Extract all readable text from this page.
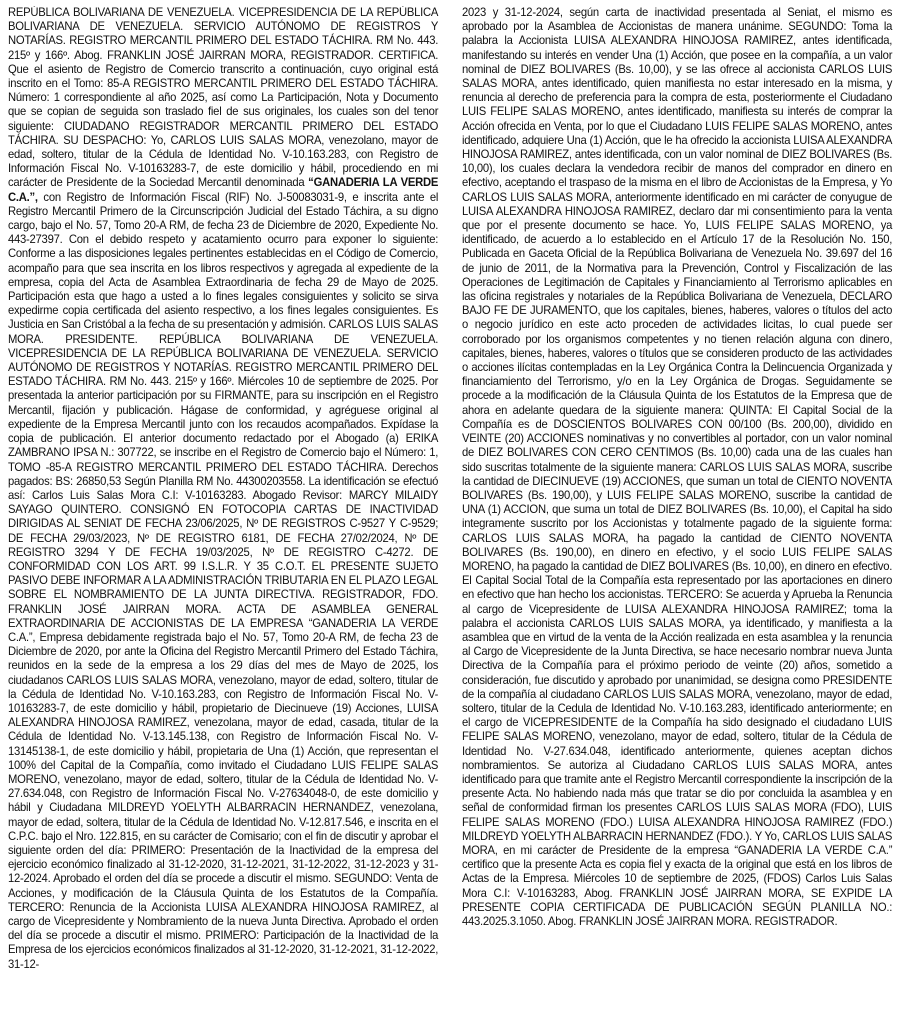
REPÚBLICA BOLIVARIANA DE VENEZUELA. VICEPRESIDENCIA DE LA REPÚBLICA BOLIVARIANA DE VENEZUELA. SERVICIO AUTÓNOMO DE REGISTROS Y NOTARÍAS. REGISTRO MERCANTIL PRIMERO DEL ESTADO TÁCHIRA. RM No. 443. 215º y 166º. Abog. FRANKLIN JOSÉ JAIRRAN MORA, REGISTRADOR. CERTIFICA. Que el asiento de Registro de Comercio transcrito a continuación, cuyo original está inscrito en el Tomo: 85-A REGISTRO MERCANTIL PRIMERO DEL ESTADO TÁCHIRA. Número: 1 correspondiente al año 2025, así como La Participación, Nota y Documento que se copian de seguida son traslado fiel de sus originales, los cuales son del tenor siguiente: CIUDADANO REGISTRADOR MERCANTIL PRIMERO DEL ESTADO TÁCHIRA. SU DESPACHO: Yo, CARLOS LUIS SALAS MORA, venezolano, mayor de edad, soltero, titular de la Cédula de Identidad No. V-10.163.283, con Registro de Información Fiscal No. V-10163283-7, de este domicilio y hábil, procediendo en mi carácter de Presidente de la Sociedad Mercantil denominada “GANADERIA LA VERDE C.A.”, con Registro de Información Fiscal (RIF) No. J-50083031-9, e inscrita ante el Registro Mercantil Primero de la Circunscripción Judicial del Estado Táchira, a su digno cargo, bajo el No. 57, Tomo 20-A RM, de fecha 23 de Diciembre de 2020, Expediente No. 443-27397. Con el debido respeto y acatamiento ocurro para exponer lo siguiente: Conforme a las disposiciones legales pertinentes establecidas en el Código de Comercio, acompaño para que sea inscrita en los libros respectivos y agregada al expediente de la empresa, copia del Acta de Asamblea Extraordinaria de fecha 29 de Mayo de 2025. Participación esta que hago a usted a lo fines legales consiguientes y solicito se sirva expedirme copia certificada del asiento respectivo, a los fines legales consiguientes. Es Justicia en San Cristóbal a la fecha de su presentación y admisión. CARLOS LUIS SALAS MORA. PRESIDENTE. REPÚBLICA BOLIVARIANA DE VENEZUELA. VICEPRESIDENCIA DE LA REPÚBLICA BOLIVARIANA DE VENEZUELA. SERVICIO AUTÓNOMO DE REGISTROS Y NOTARÍAS. REGISTRO MERCANTIL PRIMERO DEL ESTADO TÁCHIRA. RM No. 443. 215º y 166º. Miércoles 10 de septiembre de 2025. Por presentada la anterior participación por su FIRMANTE, para su inscripción en el Registro Mercantil, fijación y publicación. Hágase de conformidad, y agréguese original al expediente de la Empresa Mercantil junto con los recaudos acompañados. Expídase la copia de publicación. El anterior documento redactado por el Abogado (a) ERIKA ZAMBRANO IPSA N.: 307722, se inscribe en el Registro de Comercio bajo el Número: 1, TOMO -85-A REGISTRO MERCANTIL PRIMERO DEL ESTADO TÁCHIRA. Derechos pagados: BS: 26850,53 Según Planilla RM No. 44300203558. La identificación se efectuó así: Carlos Luis Salas Mora C.I: V-10163283. Abogado Revisor: MARCY MILAIDY SAYAGO QUINTERO. CONSIGNÓ EN FOTOCOPIA CARTAS DE INACTIVIDAD DIRIGIDAS AL SENIAT DE FECHA 23/06/2025, Nº DE REGISTROS C-9527 Y C-9529; DE FECHA 29/03/2023, Nº DE REGISTRO 6181, DE FECHA 27/02/2024, Nº DE REGISTRO 3294 Y DE FECHA 19/03/2025, Nº DE REGISTRO C-4272. DE CONFORMIDAD CON LOS ART. 99 I.S.L.R. Y 35 C.O.T. EL PRESENTE SUJETO PASIVO DEBE INFORMAR A LA ADMINISTRACIÓN TRIBUTARIA EN EL PLAZO LEGAL SOBRE EL NOMBRAMIENTO DE LA JUNTA DIRECTIVA. REGISTRADOR, FDO. FRANKLIN JOSÉ JAIRRAN MORA. ACTA DE ASAMBLEA GENERAL EXTRAORDINARIA DE ACCIONISTAS DE LA EMPRESA “GANADERIA LA VERDE C.A.”, Empresa debidamente registrada bajo el No. 57, Tomo 20-A RM, de fecha 23 de Diciembre de 2020, por ante la Oficina del Registro Mercantil Primero del Estado Táchira, reunidos en la sede de la empresa a los 29 días del mes de Mayo de 2025, los ciudadanos CARLOS LUIS SALAS MORA, venezolano, mayor de edad, soltero, titular de la Cédula de Identidad No. V-10.163.283, con Registro de Información Fiscal No. V-10163283-7, de este domicilio y hábil, propietario de Diecinueve (19) Acciones, LUISA ALEXANDRA HINOJOSA RAMIREZ, venezolana, mayor de edad, casada, titular de la Cédula de Identidad No. V-13.145.138, con Registro de Información Fiscal No. V-13145138-1, de este domicilio y hábil, propietaria de Una (1) Acción, que representan el 100% del Capital de la Compañía, como invitado el Ciudadano LUIS FELIPE SALAS MORENO, venezolano, mayor de edad, soltero, titular de la Cédula de Identidad No. V-27.634.048, con Registro de Información Fiscal No. V-27634048-0, de este domicilio y hábil y Ciudadana MILDREYD YOELYTH ALBARRACIN HERNANDEZ, venezolana, mayor de edad, soltera, titular de la Cédula de Identidad No. V-12.817.546, e inscrita en el C.P.C. bajo el Nro. 122.815, en su carácter de Comisario; con el fin de discutir y aprobar el siguiente orden del día: PRIMERO: Presentación de la Inactividad de la empresa del ejercicio económico finalizado al 31-12-2020, 31-12-2021, 31-12-2022, 31-12-2023 y 31-12-2024. Aprobado el orden del día se procede a discutir el mismo. SEGUNDO: Venta de Acciones, y modificación de la Cláusula Quinta de los Estatutos de la Compañía. TERCERO: Renuncia de la Accionista LUISA ALEXANDRA HINOJOSA RAMIREZ, al cargo de Vicepresidente y Nombramiento de la nueva Junta Directiva. Aprobado el orden del día se procede a discutir el mismo. PRIMERO: Participación de la Inactividad de la Empresa de los ejercicios económicos finalizados al 31-12-2020, 31-12-2021, 31-12-2022, 31-12-

2023 y 31-12-2024, según carta de inactividad presentada al Seniat, el mismo es aprobado por la Asamblea de Accionistas de manera unánime. SEGUNDO: Toma la palabra la Accionista LUISA ALEXANDRA HINOJOSA RAMIREZ, antes identificada, manifestando su interés en vender Una (1) Acción, que posee en la compañía, a un valor nominal de DIEZ BOLIVARES (Bs. 10,00), y se las ofrece al accionista CARLOS LUIS SALAS MORA, antes identificado, quien manifiesta no estar interesado en la misma, y renuncia al derecho de preferencia para la compra de esta, posteriormente el Ciudadano LUIS FELIPE SALAS MORENO, antes identificado, manifiesta su interés de comprar la Acción ofrecida en Venta, por lo que el Ciudadano LUIS FELIPE SALAS MORENO, antes identificado, adquiere Una (1) Acción, que le ha ofrecido la accionista LUISA ALEXANDRA HINOJOSA RAMIREZ, antes identificada, con un valor nominal de DIEZ BOLIVARES (Bs. 10,00), los cuales declara la vendedora recibir de manos del comprador en dinero en efectivo, aceptando el traspaso de la misma en el libro de Accionistas de la Empresa, y Yo CARLOS LUIS SALAS MORA, anteriormente identificado en mi carácter de conyugue de LUISA ALEXANDRA HINOJOSA RAMIREZ, declaro dar mi consentimiento para la venta que por el presente documento se hace. Yo, LUIS FELIPE SALAS MORENO, ya identificado, de acuerdo a lo establecido en el Artículo 17 de la Resolución No. 150, Publicada en Gaceta Oficial de la República Bolivariana de Venezuela No. 39.697 del 16 de junio de 2011, de la Normativa para la Prevención, Control y Fiscalización de las Operaciones de Legitimación de Capitales y Financiamiento al Terrorismo aplicables en las oficina registrales y notariales de la República Bolivariana de Venezuela, DECLARO BAJO FE DE JURAMENTO, que los capitales, bienes, haberes, valores o títulos del acto o negocio jurídico en este acto proceden de actividades licitas, lo cual puede ser corroborado por los organismos competentes y no tienen relación alguna con dinero, capitales, bienes, haberes, valores o títulos que se consideren producto de las actividades o acciones ilícitas contempladas en la Ley Orgánica Contra la Delincuencia Organizada y financiamiento del Terrorismo, y/o en la Ley Orgánica de Drogas. Seguidamente se procede a la modificación de la Cláusula Quinta de los Estatutos de la Empresa que de ahora en adelante quedara de la siguiente manera: QUINTA: El Capital Social de la Compañía es de DOSCIENTOS BOLIVARES CON 00/100 (Bs. 200,00), dividido en VEINTE (20) ACCIONES nominativas y no convertibles al portador, con un valor nominal de DIEZ BOLIVARES CON CERO CENTIMOS (Bs. 10,00) cada una de las cuales han sido suscritas totalmente de la siguiente manera: CARLOS LUIS SALAS MORA, suscribe la cantidad de DIECINUEVE (19) ACCIONES, que suman un total de CIENTO NOVENTA BOLIVARES (Bs. 190,00), y LUIS FELIPE SALAS MORENO, suscribe la cantidad de UNA (1) ACCION, que suma un total de DIEZ BOLIVARES (Bs. 10,00), el Capital ha sido integramente suscrito por los Accionistas y totalmente pagado de la siguiente forma: CARLOS LUIS SALAS MORA, ha pagado la cantidad de CIENTO NOVENTA BOLIVARES (Bs. 190,00), en dinero en efectivo, y el socio LUIS FELIPE SALAS MORENO, ha pagado la cantidad de DIEZ BOLIVARES (Bs. 10,00), en dinero en efectivo. El Capital Social Total de la Compañía esta representado por las aportaciones en dinero en efectivo que han hecho los accionistas. TERCERO: Se acuerda y Aprueba la Renuncia al cargo de Vicepresidente de LUISA ALEXANDRA HINOJOSA RAMIREZ; toma la palabra el accionista CARLOS LUIS SALAS MORA, ya identificado, y manifiesta a la asamblea que en virtud de la venta de la Acción realizada en esta asamblea y la renuncia al Cargo de Vicepresidente de la Junta Directiva, se hace necesario nombrar nueva Junta Directiva de la Compañía para el próximo periodo de veinte (20) años, sometido a consideración, fue discutido y aprobado por unanimidad, se designa como PRESIDENTE de la compañía al ciudadano CARLOS LUIS SALAS MORA, venezolano, mayor de edad, soltero, titular de la Cedula de Identidad No. V-10.163.283, identificado anteriormente; en el cargo de VICEPRESIDENTE de la Compañía ha sido designado el ciudadano LUIS FELIPE SALAS MORENO, venezolano, mayor de edad, soltero, titular de la Cédula de Identidad No. V-27.634.048, identificado anteriormente, quienes aceptan dichos nombramientos. Se autoriza al Ciudadano CARLOS LUIS SALAS MORA, antes identificado para que tramite ante el Registro Mercantil correspondiente la inscripción de la presente Acta. No habiendo nada más que tratar se dio por concluida la asamblea y en señal de conformidad firman los presentes CARLOS LUIS SALAS MORA (FDO), LUIS FELIPE SALAS MORENO (FDO.) LUISA ALEXANDRA HINOJOSA RAMIREZ (FDO.) MILDREYD YOELYTH ALBARRACIN HERNANDEZ (FDO.). Y Yo, CARLOS LUIS SALAS MORA, en mi carácter de Presidente de la empresa “GANADERIA LA VERDE C.A.” certifico que la presente Acta es copia fiel y exacta de la original que está en los libros de Actas de la Empresa. Miércoles 10 de septiembre de 2025, (FDOS) Carlos Luis Salas Mora C.I: V-10163283, Abog. FRANKLIN JOSÉ JAIRRAN MORA, SE EXPIDE LA PRESENTE COPIA CERTIFICADA DE PUBLICACIÓN SEGÚN PLANILLA NO.: 443.2025.3.1050. Abog. FRANKLIN JOSÉ JAIRRAN MORA. REGISTRADOR.
